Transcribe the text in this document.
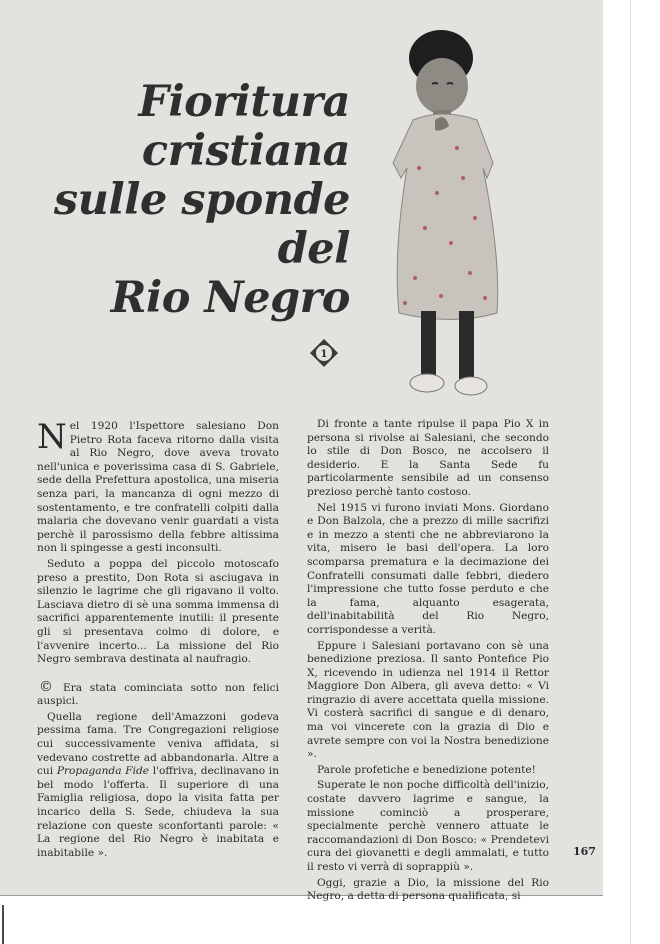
Fioritura
cristiana
sulle sponde
del
Rio Negro
1

Nel 1920 l'Ispettore salesiano Don Pietro Rota faceva ritorno dalla visita al Rio Negro, dove aveva trovato nell'unica e poverissima casa di S. Gabriele, sede della Prefettura apostolica, una miseria senza pari, la mancanza di ogni mezzo di sostentamento, e tre confratelli colpiti dalla malaria che dovevano venir guardati a vista perchè il parossismo della febbre altissima non li spingesse a gesti inconsulti.

Seduto a poppa del piccolo motoscafo preso a prestito, Don Rota si asciugava in silenzio le lagrime che gli rigavano il volto. Lasciava dietro di sè una somma immensa di sacrifici apparentemente inutili: il presente gli si presentava colmo di dolore, e l'avvenire incerto... La missione del Rio Negro sembrava destinata al naufragio.

© Era stata cominciata sotto non felici auspici.

Quella regione dell'Amazzoni godeva pessima fama. Tre Congregazioni religiose cui successivamente veniva affidata, si vedevano costrette ad abbandonarla. Altre a cui Propaganda Fide l'offriva, declinavano in bel modo l'offerta. Il superiore di una Famiglia religiosa, dopo la visita fatta per incarico della S. Sede, chiudeva la sua relazione con queste sconfortanti parole: « La regione del Rio Negro è inabitata e inabitabile ».

Di fronte a tante ripulse il papa Pio X in persona si rivolse ai Salesiani, che secondo lo stile di Don Bosco, ne accolsero il desiderio. E la Santa Sede fu particolarmente sensibile ad un consenso prezioso perchè tanto costoso.

Nel 1915 vi furono inviati Mons. Giordano e Don Balzola, che a prezzo di mille sacrifizi e in mezzo a stenti che ne abbreviarono la vita, misero le basi dell'opera. La loro scomparsa prematura e la decimazione dei Confratelli consumati dalle febbri, diedero l'impressione che tutto fosse perduto e che la fama, alquanto esagerata, dell'inabitabilità del Rio Negro, corrispondesse a verità.

Eppure i Salesiani portavano con sè una benedizione preziosa. Il santo Pontefice Pio X, ricevendo in udienza nel 1914 il Rettor Maggiore Don Albera, gli aveva detto: « Vi ringrazio di avere accettata quella missione. Vi costerà sacrifici di sangue e di denaro, ma voi vincerete con la grazia di Dio e avrete sempre con voi la Nostra benedizione ».

Parole profetiche e benedizione potente!

Superate le non poche difficoltà dell'inizio, costate davvero lagrime e sangue, la missione cominciò a prosperare, specialmente perchè vennero attuate le raccomandazioni di Don Bosco: « Prendetevi cura dei giovanetti e degli ammalati, e tutto il resto vi verrà di soprappiù ».

Oggi, grazie a Dio, la missione del Rio Negro, a detta di persona qualificata, si

167
